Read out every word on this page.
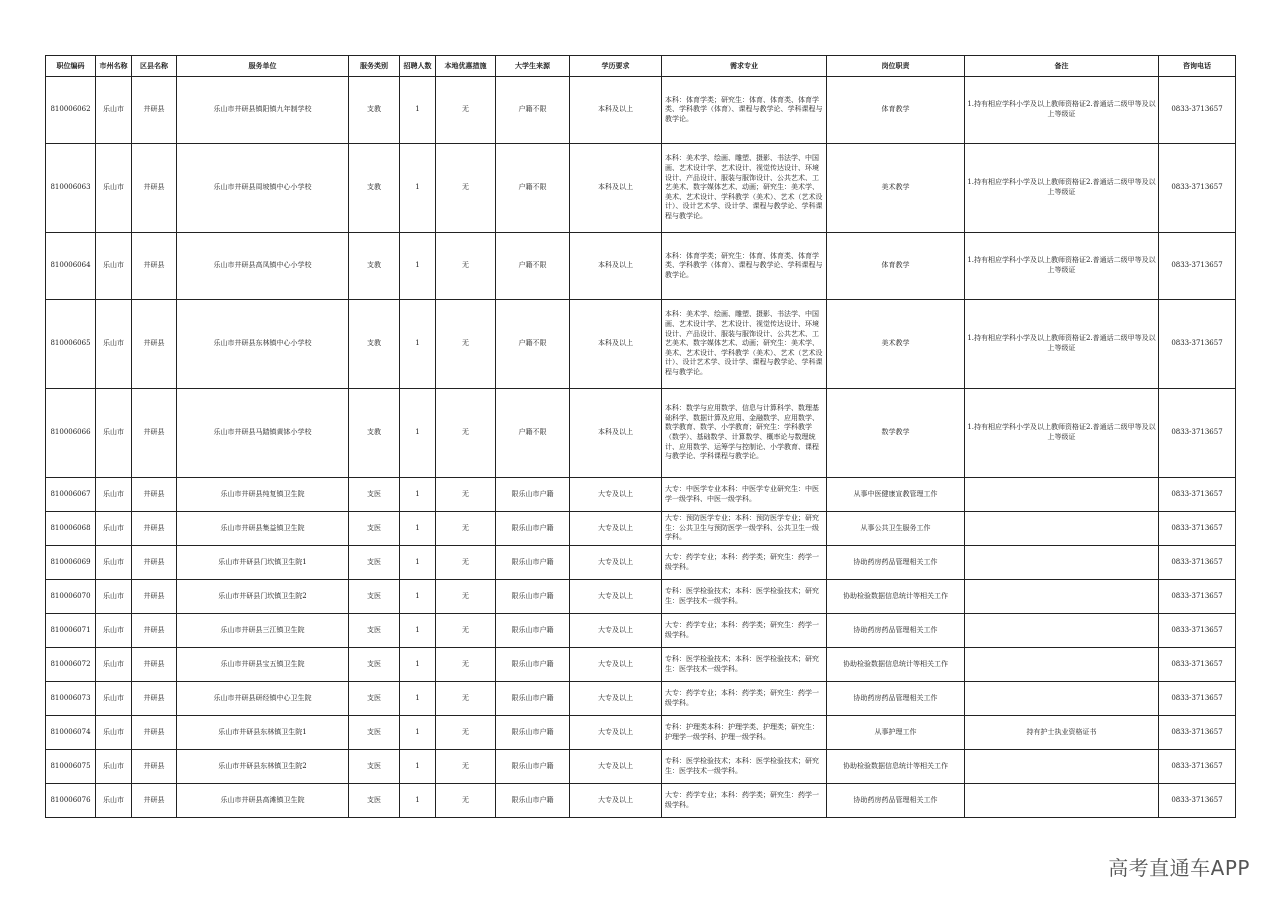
职位编码	市州名称	区县名称	服务单位	服务类别	招聘人数	本地优惠措施	大学生来源	学历要求	需求专业	岗位职责	备注	咨询电话
810006062	乐山市	井研县	乐山市井研县镇阳镇九年制学校	支教	1	无	户籍不限	本科及以上	本科：体育学类；研究生：体育、体育类、体育学类、学科教学（体育）、课程与教学论、学科课程与教学论。	体育教学	1.持有相应学科小学及以上教师资格证2.普通话二级甲等及以上等级证	0833-3713657
810006063	乐山市	井研县	乐山市井研县周坡镇中心小学校	支教	1	无	户籍不限	本科及以上	本科：美术学、绘画、雕塑、摄影、书法学、中国画、艺术设计学、艺术设计、视觉传达设计、环境设计、产品设计、服装与服饰设计、公共艺术、工艺美术、数字媒体艺术、动画；研究生：美术学、美术、艺术设计、学科教学（美术）、艺术（艺术设计）、设计艺术学、设计学、课程与教学论、学科课程与教学论。	美术教学	1.持有相应学科小学及以上教师资格证2.普通话二级甲等及以上等级证	0833-3713657
810006064	乐山市	井研县	乐山市井研县高凤镇中心小学校	支教	1	无	户籍不限	本科及以上	本科：体育学类；研究生：体育、体育类、体育学类、学科教学（体育）、课程与教学论、学科课程与教学论。	体育教学	1.持有相应学科小学及以上教师资格证2.普通话二级甲等及以上等级证	0833-3713657
810006065	乐山市	井研县	乐山市井研县东林镇中心小学校	支教	1	无	户籍不限	本科及以上	本科：美术学、绘画、雕塑、摄影、书法学、中国画、艺术设计学、艺术设计、视觉传达设计、环境设计、产品设计、服装与服饰设计、公共艺术、工艺美术、数字媒体艺术、动画；研究生：美术学、美术、艺术设计、学科教学（美术）、艺术（艺术设计）、设计艺术学、设计学、课程与教学论、学科课程与教学论。	美术教学	1.持有相应学科小学及以上教师资格证2.普通话二级甲等及以上等级证	0833-3713657
810006066	乐山市	井研县	乐山市井研县马踏镇黄钵小学校	支教	1	无	户籍不限	本科及以上	本科：数学与应用数学、信息与计算科学、数理基础科学、数据计算及应用、金融数学、应用数学、数学教育、数学、小学教育；研究生：学科教学（数学）、基础数学、计算数学、概率论与数理统计、应用数学、运筹学与控制论、小学教育、课程与教学论、学科课程与教学论。	数学教学	1.持有相应学科小学及以上教师资格证2.普通话二级甲等及以上等级证	0833-3713657
810006067	乐山市	井研县	乐山市井研县纯复镇卫生院	支医	1	无	限乐山市户籍	大专及以上	大专：中医学专业本科：中医学专业研究生：中医学一级学科、中医一级学科。	从事中医健康宣教管理工作		0833-3713657
810006068	乐山市	井研县	乐山市井研县集益镇卫生院	支医	1	无	限乐山市户籍	大专及以上	大专：预防医学专业；本科：预防医学专业；研究生：公共卫生与预防医学一级学科、公共卫生一级学科。	从事公共卫生服务工作		0833-3713657
810006069	乐山市	井研县	乐山市井研县门坎镇卫生院1	支医	1	无	限乐山市户籍	大专及以上	大专：药学专业；本科：药学类；研究生：药学一级学科。	协助药房药品管理相关工作		0833-3713657
810006070	乐山市	井研县	乐山市井研县门坎镇卫生院2	支医	1	无	限乐山市户籍	大专及以上	专科：医学检验技术；本科：医学检验技术；研究生：医学技术一级学科。	协助检验数据信息统计等相关工作		0833-3713657
810006071	乐山市	井研县	乐山市井研县三江镇卫生院	支医	1	无	限乐山市户籍	大专及以上	大专：药学专业；本科：药学类；研究生：药学一级学科。	协助药房药品管理相关工作		0833-3713657
810006072	乐山市	井研县	乐山市井研县宝五镇卫生院	支医	1	无	限乐山市户籍	大专及以上	专科：医学检验技术；本科：医学检验技术；研究生：医学技术一级学科。	协助检验数据信息统计等相关工作		0833-3713657
810006073	乐山市	井研县	乐山市井研县研经镇中心卫生院	支医	1	无	限乐山市户籍	大专及以上	大专：药学专业；本科：药学类；研究生：药学一级学科。	协助药房药品管理相关工作		0833-3713657
810006074	乐山市	井研县	乐山市井研县东林镇卫生院1	支医	1	无	限乐山市户籍	大专及以上	专科：护理类本科：护理学类、护理类；研究生：护理学一级学科、护理一级学科。	从事护理工作	持有护士执业资格证书	0833-3713657
810006075	乐山市	井研县	乐山市井研县东林镇卫生院2	支医	1	无	限乐山市户籍	大专及以上	专科：医学检验技术；本科：医学检验技术；研究生：医学技术一级学科。	协助检验数据信息统计等相关工作		0833-3713657
810006076	乐山市	井研县	乐山市井研县高滩镇卫生院	支医	1	无	限乐山市户籍	大专及以上	大专：药学专业；本科：药学类；研究生：药学一级学科。	协助药房药品管理相关工作		0833-3713657
高考直通车APP
